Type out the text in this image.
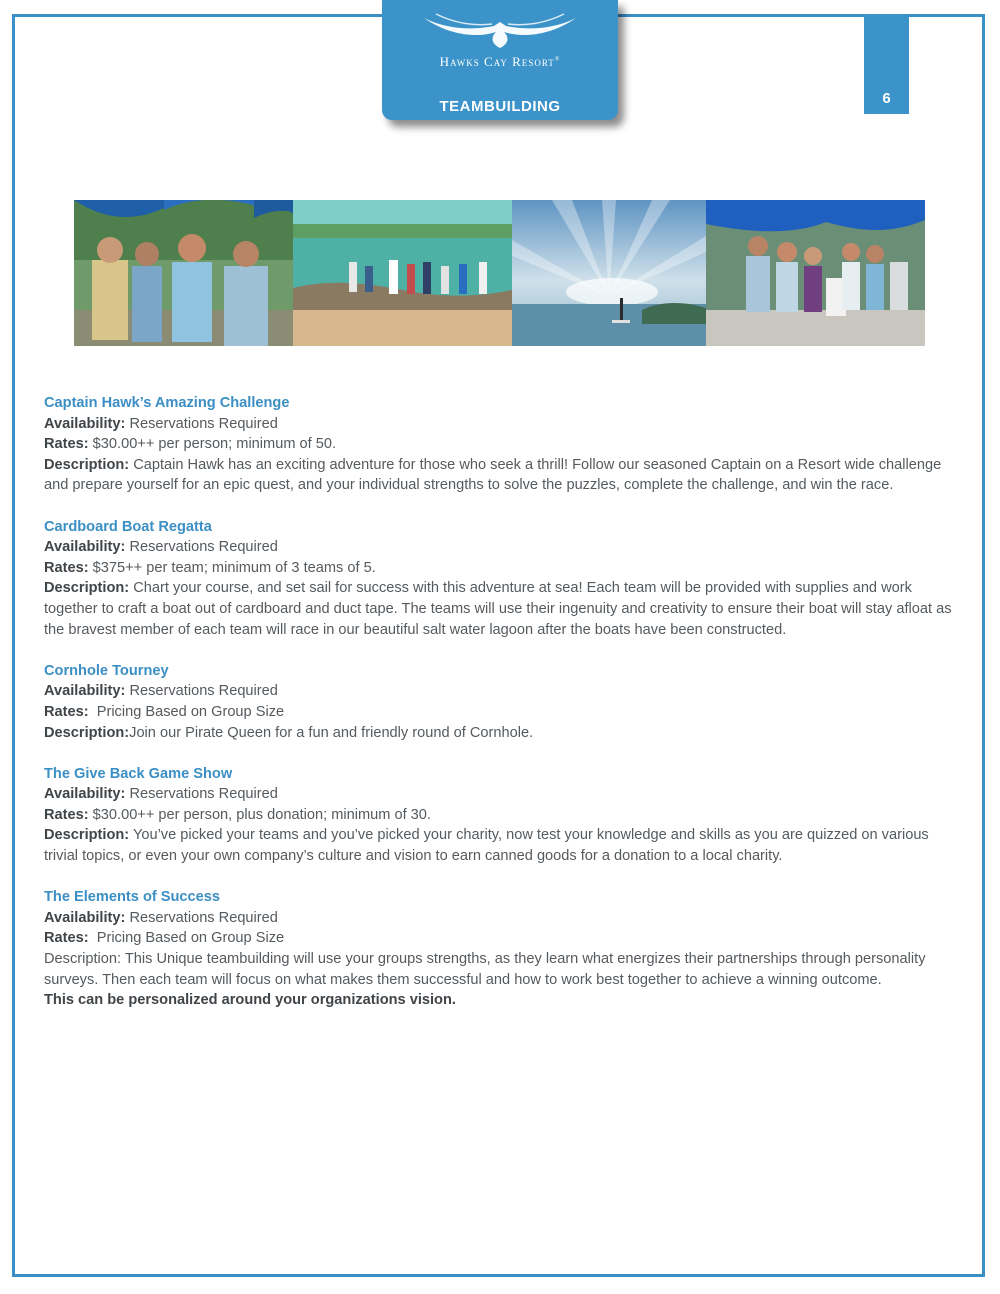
Hawks Cay Resort®
TEAMBUILDING	6
Captain Hawk’s Amazing Challenge
Availability: Reservations Required
Rates: $30.00++ per person; minimum of 50.
Description: Captain Hawk has an exciting adventure for those who seek a thrill! Follow our seasoned Captain on a Resort wide challenge and prepare yourself for an epic quest, and your individual strengths to solve the puzzles, complete the challenge, and win the race.
Cardboard Boat Regatta
Availability: Reservations Required
Rates: $375++ per team; minimum of 3 teams of 5.
Description: Chart your course, and set sail for success with this adventure at sea! Each team will be provided with supplies and work together to craft a boat out of cardboard and duct tape. The teams will use their ingenuity and creativity to ensure their boat will stay afloat as the bravest member of each team will race in our beautiful salt water lagoon after the boats have been constructed.
Cornhole Tourney
Availability: Reservations Required
Rates: Pricing Based on Group Size
Description:Join our Pirate Queen for a fun and friendly round of Cornhole.
The Give Back Game Show
Availability: Reservations Required
Rates: $30.00++ per person, plus donation; minimum of 30.
Description: You’ve picked your teams and you’ve picked your charity, now test your knowledge and skills as you are quizzed on various trivial topics, or even your own company’s culture and vision to earn canned goods for a donation to a local charity.
The Elements of Success
Availability: Reservations Required
Rates: Pricing Based on Group Size
Description: This Unique teambuilding will use your groups strengths, as they learn what energizes their partnerships through personality surveys. Then each team will focus on what makes them successful and how to work best together to achieve a winning outcome.
This can be personalized around your organizations vision.
